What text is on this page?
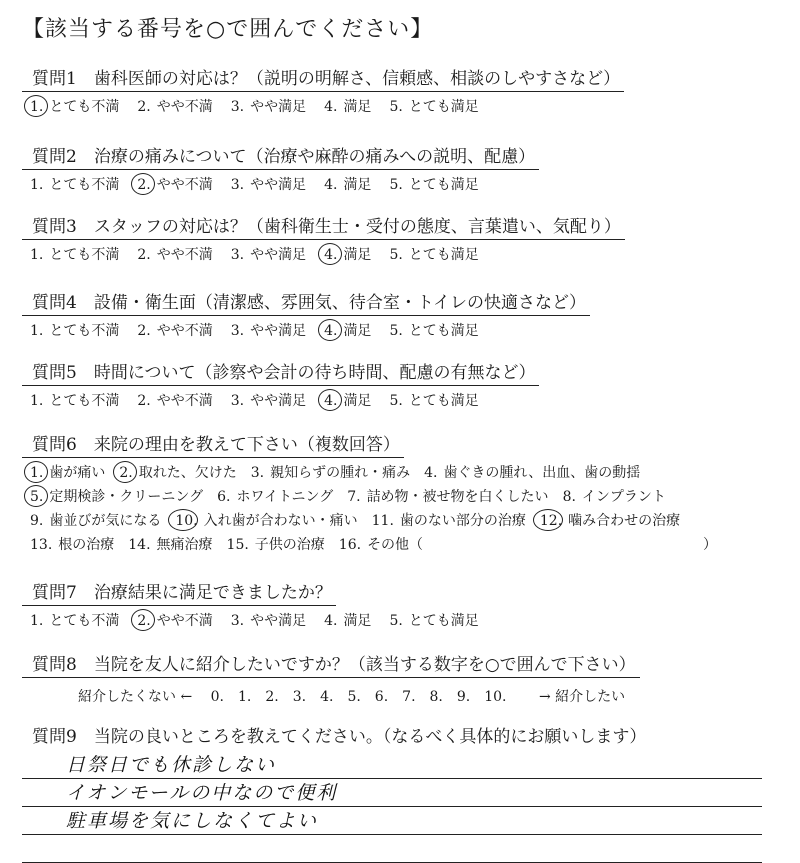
【該当する番号を○で囲んでください】
質問1　歯科医師の対応は？（説明の明解さ、信頼感、相談のしやすさなど）
1. とても不満 2. やや不満 3. やや満足 4. 満足 5. とても満足
質問2　治療の痛みについて（治療や麻酔の痛みへの説明、配慮）
1. とても不満 2. やや不満 3. やや満足 4. 満足 5. とても満足
質問3　スタッフの対応は？（歯科衛生士・受付の態度、言葉遣い、気配り）
1. とても不満 2. やや不満 3. やや満足 4. 満足 5. とても満足
質問4　設備・衛生面（清潔感、雰囲気、待合室・トイレの快適さなど）
1. とても不満 2. やや不満 3. やや満足 4. 満足 5. とても満足
質問5　時間について（診察や会計の待ち時間、配慮の有無など）
1. とても不満 2. やや不満 3. やや満足 4. 満足 5. とても満足
質問6　来院の理由を教えて下さい（複数回答）
1. 歯が痛い 2. 取れた、欠けた 3. 親知らずの腫れ・痛み 4. 歯ぐきの腫れ、出血、歯の動揺
5. 定期検診・クリーニング 6. ホワイトニング 7. 詰め物・被せ物を白くしたい 8. インプラント
9. 歯並びが気になる 10. 入れ歯が合わない・痛い 11. 歯のない部分の治療 12. 噛み合わせの治療
13. 根の治療 14. 無痛治療 15. 子供の治療 16. その他（　　　　　　　　　　　　　　　　　　　　）
質問7　治療結果に満足できましたか？
1. とても不満 2. やや不満 3. やや満足 4. 満足 5. とても満足
質問8　当院を友人に紹介したいですか？（該当する数字を○で囲んで下さい）
紹介したくない ← 0. 1. 2. 3. 4. 5. 6. 7. 8. 9. 10. → 紹介したい
質問9　当院の良いところを教えてください。（なるべく具体的にお願いします）
日祭日でも休診しない
イオンモールの中なので便利
駐車場を気にしなくてよい
